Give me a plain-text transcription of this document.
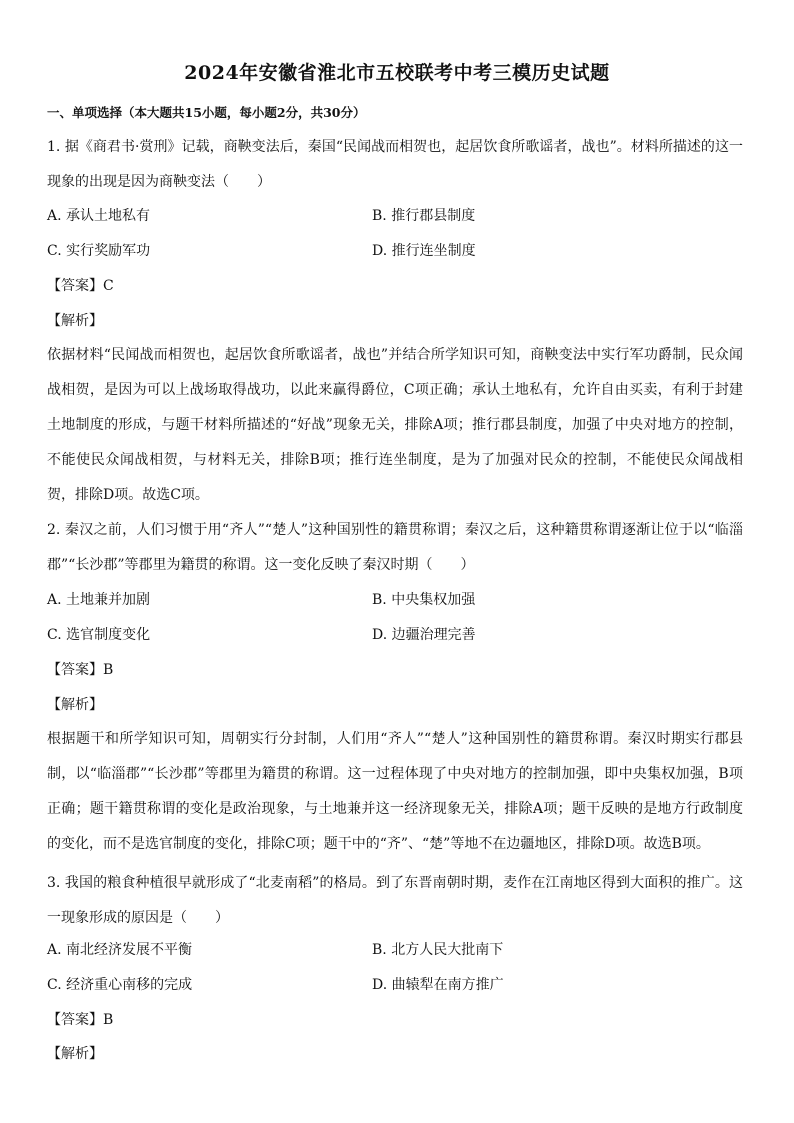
2024年安徽省淮北市五校联考中考三模历史试题
一、单项选择（本大题共15小题，每小题2分，共30分）
1. 据《商君书·赏刑》记载，商鞅变法后，秦国“民闻战而相贺也，起居饮食所歌谣者，战也”。材料所描述的这一现象的出现是因为商鞅变法（　　）
A. 承认土地私有	B. 推行郡县制度
C. 实行奖励军功	D. 推行连坐制度
【答案】C
【解析】
依据材料“民闻战而相贺也，起居饮食所歌谣者，战也”并结合所学知识可知，商鞅变法中实行军功爵制，民众闻战相贺，是因为可以上战场取得战功，以此来赢得爵位，C项正确；承认土地私有，允许自由买卖，有利于封建土地制度的形成，与题干材料所描述的“好战”现象无关，排除A项；推行郡县制度，加强了中央对地方的控制，不能使民众闻战相贺，与材料无关，排除B项；推行连坐制度，是为了加强对民众的控制，不能使民众闻战相贺，排除D项。故选C项。
2. 秦汉之前，人们习惯于用“齐人”“楚人”这种国别性的籍贯称谓；秦汉之后，这种籍贯称谓逐渐让位于以“临淄郡”“长沙郡”等郡里为籍贯的称谓。这一变化反映了秦汉时期（　　）
A. 土地兼并加剧	B. 中央集权加强
C. 选官制度变化	D. 边疆治理完善
【答案】B
【解析】
根据题干和所学知识可知，周朝实行分封制，人们用“齐人”“楚人”这种国别性的籍贯称谓。秦汉时期实行郡县制，以“临淄郡”“长沙郡”等郡里为籍贯的称谓。这一过程体现了中央对地方的控制加强，即中央集权加强，B项正确；题干籍贯称谓的变化是政治现象，与土地兼并这一经济现象无关，排除A项；题干反映的是地方行政制度的变化，而不是选官制度的变化，排除C项；题干中的“齐”、“楚”等地不在边疆地区，排除D项。故选B项。
3. 我国的粮食种植很早就形成了“北麦南稻”的格局。到了东晋南朝时期，麦作在江南地区得到大面积的推广。这一现象形成的原因是（　　）
A. 南北经济发展不平衡	B. 北方人民大批南下
C. 经济重心南移的完成	D. 曲辕犁在南方推广
【答案】B
【解析】
